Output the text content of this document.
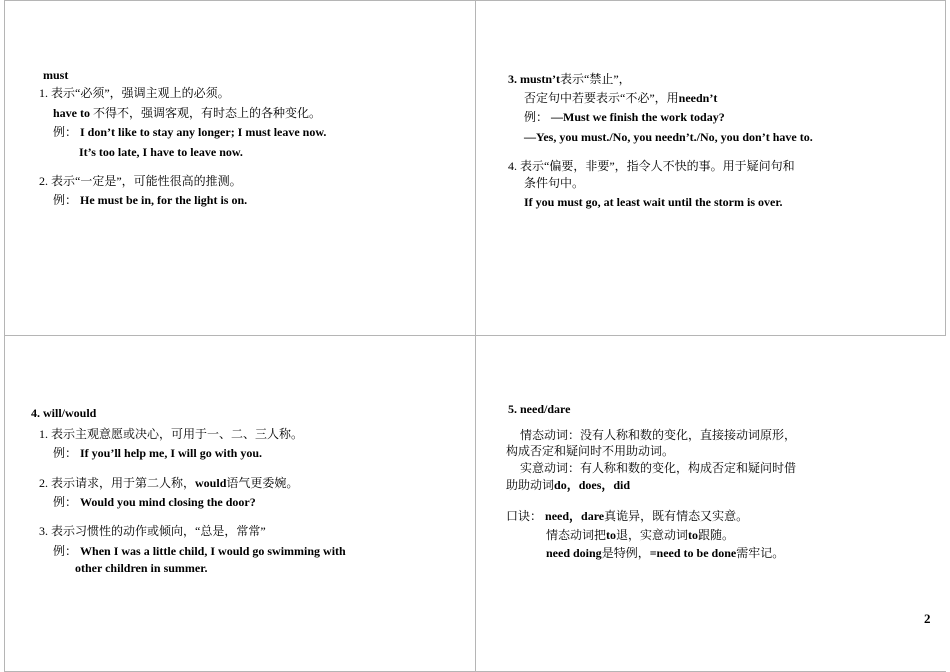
must
1. 表示“必须”，强调主观上的必须。
have to 不得不，强调客观，有时态上的各种变化。
例： I don’t like to stay any longer; I must leave now.
It’s too late, I have to leave now.
2. 表示“一定是”，可能性很高的推测。
例： He must be in, for the light is on.
3. mustn’t表示“禁止”，
否定句中若要表示“不必”，用needn’t
例： —Must we finish the work today?
—Yes, you must./No, you needn’t./No, you don’t have to.
4. 表示“偏要，非要”，指令人不快的事。用于疑问句和
条件句中。
If you must go, at least wait until the storm is over.
4. will/would
1. 表示主观意愿或决心，可用于一、二、三人称。
例： If you’ll help me, I will go with you.
2. 表示请求，用于第二人称，would语气更委婉。
例： Would you mind closing the door?
3. 表示习惯性的动作或倾向，“总是，常常”
例： When I was a little child, I would go swimming with
other children in summer.
5. need/dare
情态动词：没有人称和数的变化，直接接动词原形，
构成否定和疑问时不用助动词。
实意动词：有人称和数的变化，构成否定和疑问时借
助助动词do，does，did
口诀： need，dare真诡异，既有情态又实意。
情态动词把to退，实意动词to跟随。
need doing是特例，=need to be done需牢记。
2
